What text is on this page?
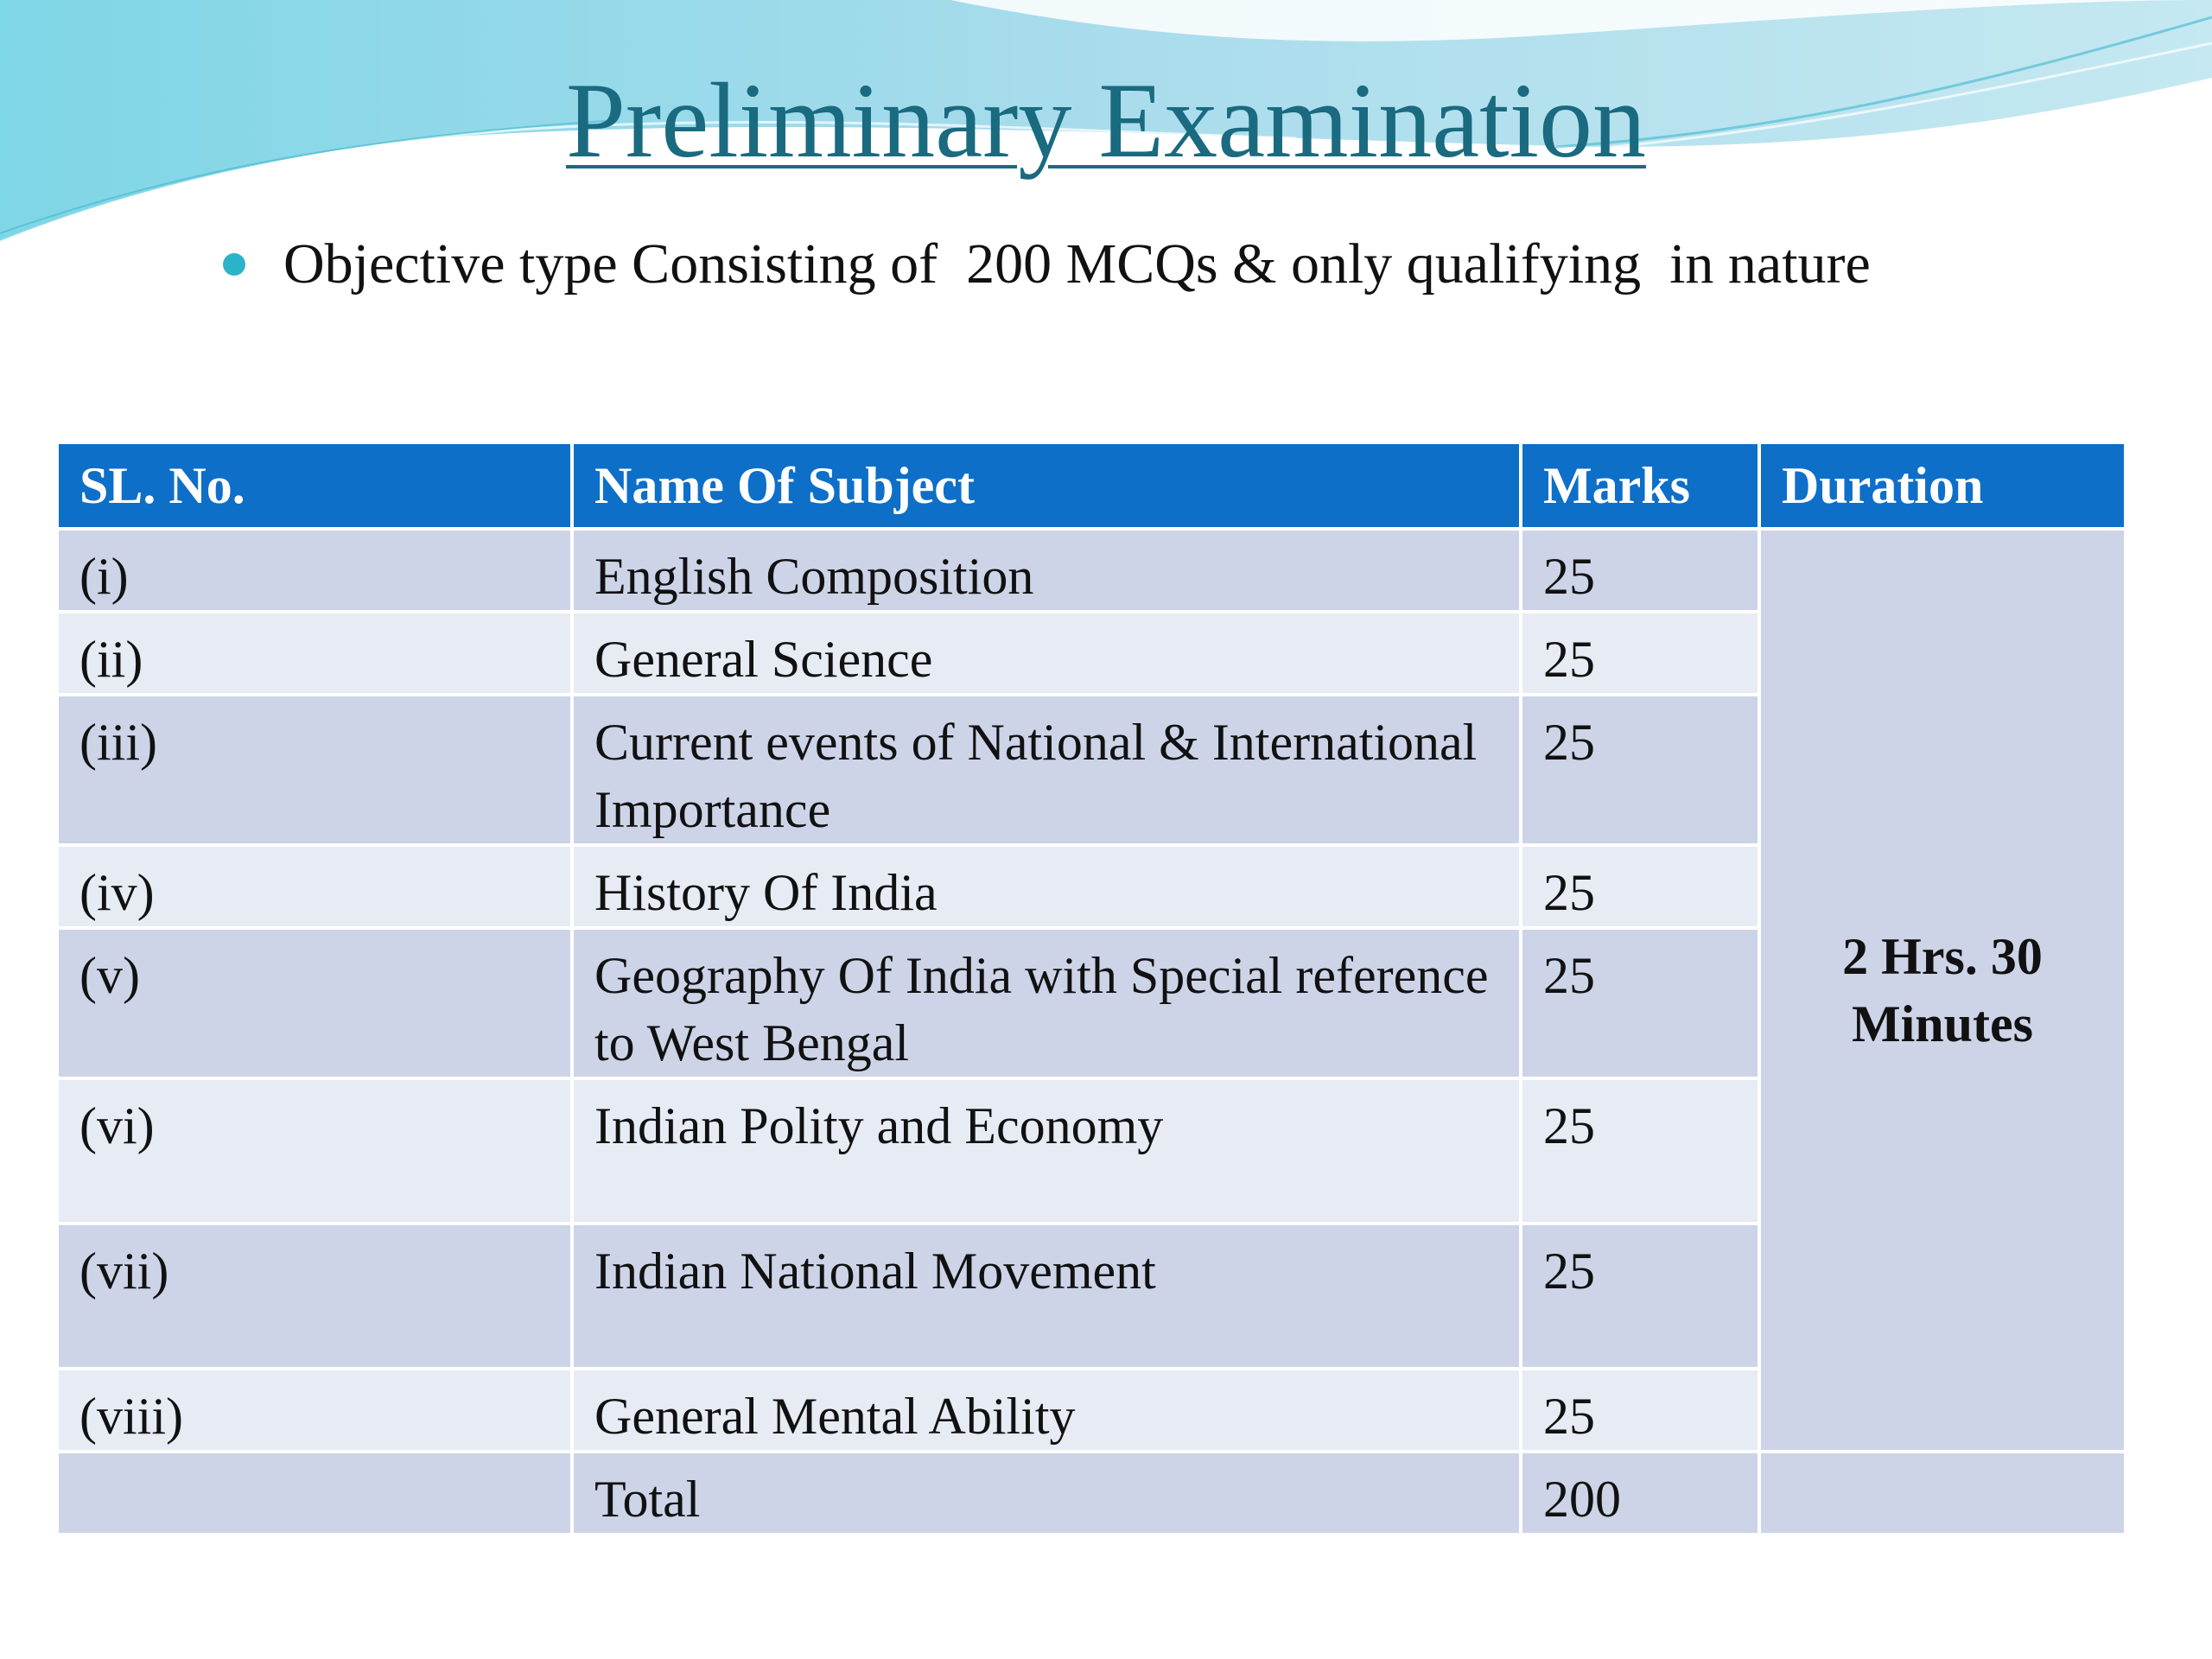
Preliminary Examination
Objective type Consisting of  200 MCQs & only qualifying  in nature
SL. No.	Name Of Subject	Marks	Duration
(i)	English Composition	25	2 Hrs. 30 Minutes
(ii)	General Science	25	
(iii)	Current events of National & International Importance	25	
(iv)	History Of India	25	
(v)	Geography Of India with Special reference to West Bengal	25	
(vi)	Indian Polity and Economy	25	
(vii)	Indian National Movement	25	
(viii)	General Mental Ability	25	
	Total	200	
